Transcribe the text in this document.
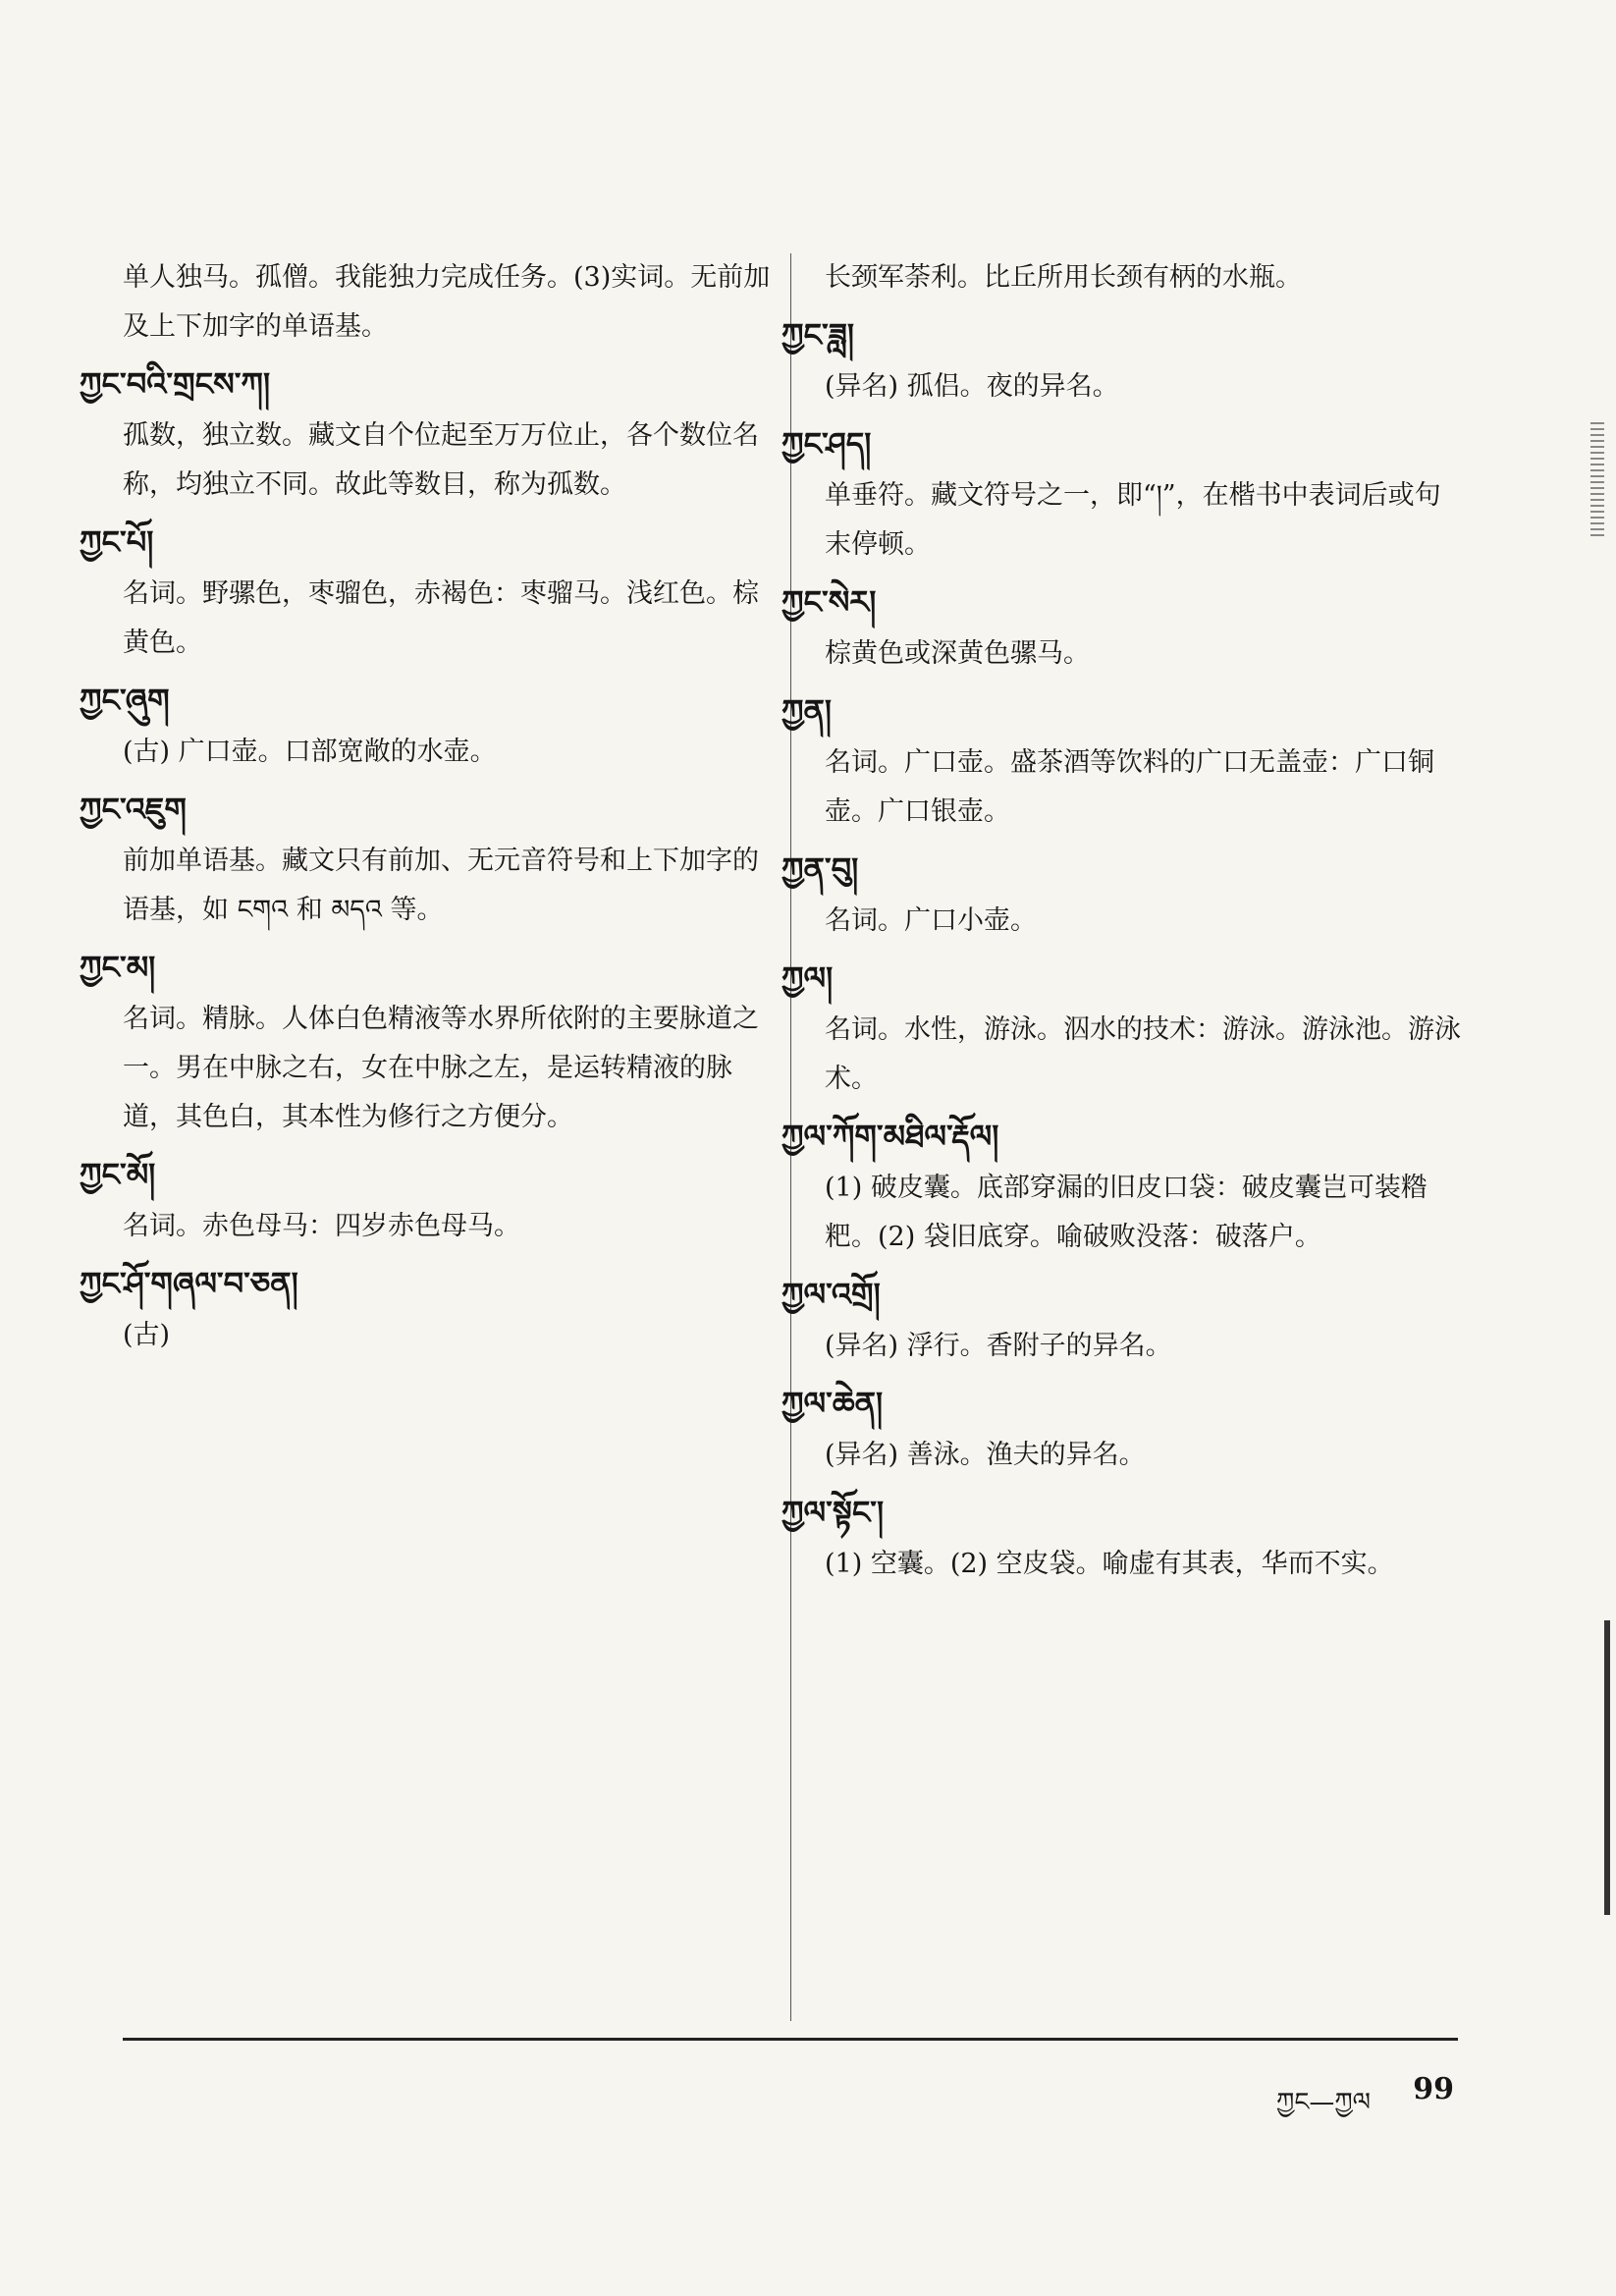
单人独马。孤僧。我能独力完成任务。(3)实词。无前加及上下加字的单语基。
ཀྱང་བའི་གྲངས་ཀ།
孤数，独立数。藏文自个位起至万万位止，各个数位名称，均独立不同。故此等数目，称为孤数。
ཀྱང་པོ།
名词。野骡色，枣骝色，赤褐色：枣骝马。浅红色。棕黄色。
ཀྱང་ཞུག
(古) 广口壶。口部宽敞的水壶。
ཀྱང་འཇུག
前加单语基。藏文只有前加、无元音符号和上下加字的语基，如 ངགའ 和 མདའ 等。
ཀྱང་མ།
名词。精脉。人体白色精液等水界所依附的主要脉道之一。男在中脉之右，女在中脉之左，是运转精液的脉道，其色白，其本性为修行之方便分。
ཀྱང་མོ།
名词。赤色母马：四岁赤色母马。
ཀྱང་ཤོ་གཞལ་བ་ཅན།
(古)
长颈军荼利。比丘所用长颈有柄的水瓶。
ཀྱང་ཟླ།
(异名) 孤侣。夜的异名。
ཀྱང་ཤད།
单垂符。藏文符号之一，即“།”，在楷书中表词后或句末停顿。
ཀྱང་སེར།
棕黄色或深黄色骡马。
ཀྱན།
名词。广口壶。盛茶酒等饮料的广口无盖壶：广口铜壶。广口银壶。
ཀྱན་བུ།
名词。广口小壶。
ཀྱལ།
名词。水性，游泳。泅水的技术：游泳。游泳池。游泳术。
ཀྱལ་ཀོག་མཐིལ་རྡོལ།
(1) 破皮囊。底部穿漏的旧皮口袋：破皮囊岂可装糌粑。(2) 袋旧底穿。喻破败没落：破落户。
ཀྱལ་འགྲོ།
(异名) 浮行。香附子的异名。
ཀྱལ་ཆེན།
(异名) 善泳。渔夫的异名。
ཀྱལ་སྟོང་།
(1) 空囊。(2) 空皮袋。喻虚有其表，华而不实。
ཀྱང—ཀྱལ 99
